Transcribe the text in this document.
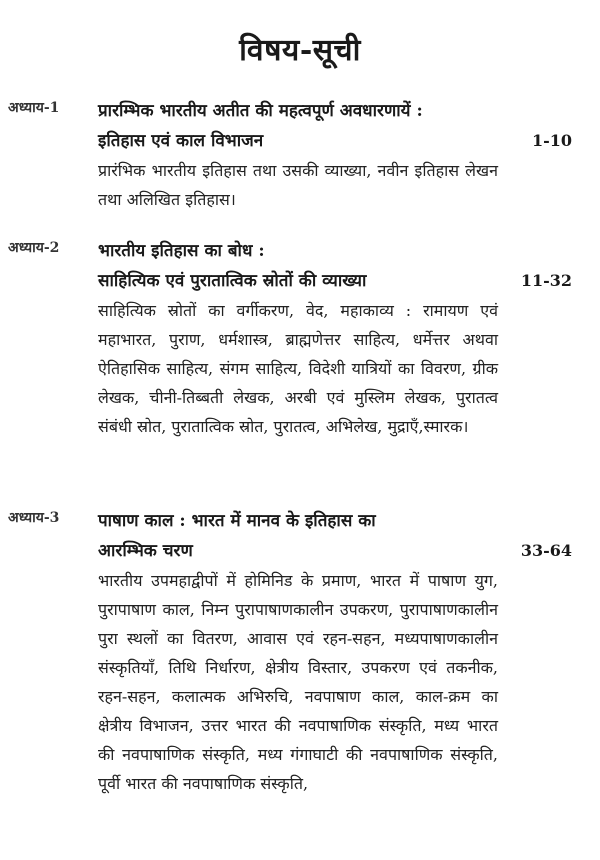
विषय-सूची
अध्याय-1 प्रारम्भिक भारतीय अतीत की महत्वपूर्ण अवधारणायें :
इतिहास एवं काल विभाजन	1-10
प्रारंभिक भारतीय इतिहास तथा उसकी व्याख्या, नवीन इतिहास लेखन तथा अलिखित इतिहास।
अध्याय-2 भारतीय इतिहास का बोध :
साहित्यिक एवं पुरातात्विक स्रोतों की व्याख्या	11-32
साहित्यिक स्रोतों का वर्गीकरण, वेद, महाकाव्य : रामायण एवं महाभारत, पुराण, धर्मशास्त्र, ब्राह्मणेत्तर साहित्य, धर्मेत्तर अथवा ऐतिहासिक साहित्य, संगम साहित्य, विदेशी यात्रियों का विवरण, ग्रीक लेखक, चीनी-तिब्बती लेखक, अरबी एवं मुस्लिम लेखक, पुरातत्व संबंधी स्रोत, पुरातात्विक स्रोत, पुरातत्व, अभिलेख, मुद्राएँ,स्मारक।
अध्याय-3 पाषाण काल : भारत में मानव के इतिहास का
आरम्भिक चरण	33-64
भारतीय उपमहाद्वीपों में होमिनिड के प्रमाण, भारत में पाषाण युग, पुरापाषाण काल, निम्न पुरापाषाणकालीन उपकरण, पुरापाषाणकालीन पुरा स्थलों का वितरण, आवास एवं रहन-सहन, मध्यपाषाणकालीन संस्कृतियाँ, तिथि निर्धारण, क्षेत्रीय विस्तार, उपकरण एवं तकनीक, रहन-सहन, कलात्मक अभिरुचि, नवपाषाण काल, काल-क्रम का क्षेत्रीय विभाजन, उत्तर भारत की नवपाषाणिक संस्कृति, मध्य भारत की नवपाषाणिक संस्कृति, मध्य गंगाघाटी की नवपाषाणिक संस्कृति, पूर्वी भारत की नवपाषाणिक संस्कृति,
